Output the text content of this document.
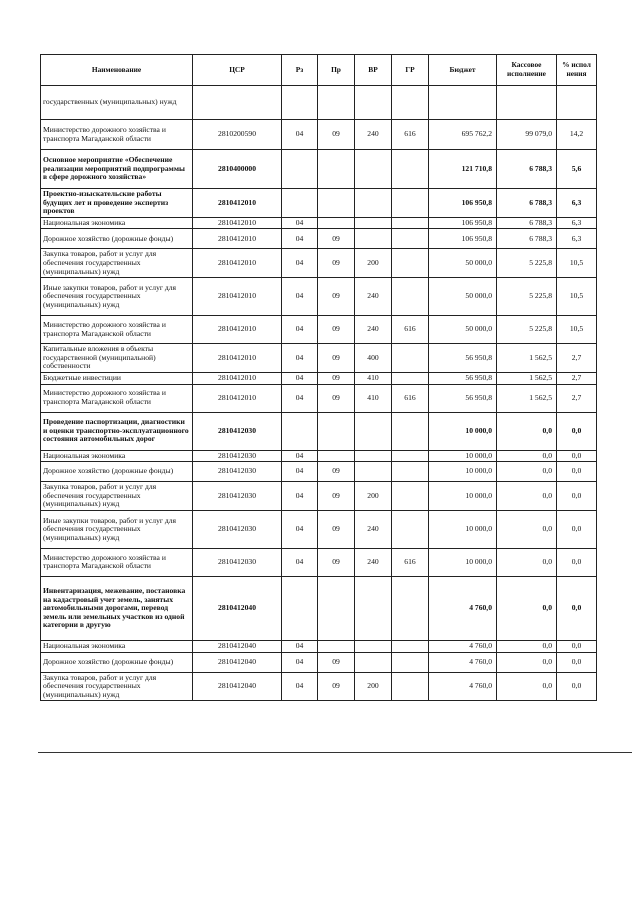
Наименование	ЦСР	Рз	Пр	ВР	ГР	Бюджет	Кассовое исполнение	% испол нения
государственных (муниципальных) нужд								
Министерство дорожного хозяйства и транспорта Магаданской области	2810200590	04	09	240	616	695 762,2	99 079,0	14,2
Основное мероприятие «Обеспечение реализации мероприятий подпрограммы в сфере дорожного хозяйства»	2810400000					121 710,8	6 788,3	5,6
Проектно-изыскательские работы будущих лет и проведение экспертиз проектов	2810412010					106 950,8	6 788,3	6,3
Национальная экономика	2810412010	04				106 950,8	6 788,3	6,3
Дорожное хозяйство (дорожные фонды)	2810412010	04	09			106 950,8	6 788,3	6,3
Закупка товаров, работ и услуг для обеспечения государственных (муниципальных) нужд	2810412010	04	09	200		50 000,0	5 225,8	10,5
Иные закупки товаров, работ и услуг для обеспечения государственных (муниципальных) нужд	2810412010	04	09	240		50 000,0	5 225,8	10,5
Министерство дорожного хозяйства и транспорта Магаданской области	2810412010	04	09	240	616	50 000,0	5 225,8	10,5
Капитальные вложения в объекты государственной (муниципальной) собственности	2810412010	04	09	400		56 950,8	1 562,5	2,7
Бюджетные инвестиции	2810412010	04	09	410		56 950,8	1 562,5	2,7
Министерство дорожного хозяйства и транспорта Магаданской области	2810412010	04	09	410	616	56 950,8	1 562,5	2,7
Проведение паспортизации, диагностики и оценки транспортно-эксплуатационного состояния автомобильных дорог	2810412030					10 000,0	0,0	0,0
Национальная экономика	2810412030	04				10 000,0	0,0	0,0
Дорожное хозяйство (дорожные фонды)	2810412030	04	09			10 000,0	0,0	0,0
Закупка товаров, работ и услуг для обеспечения государственных (муниципальных) нужд	2810412030	04	09	200		10 000,0	0,0	0,0
Иные закупки товаров, работ и услуг для обеспечения государственных (муниципальных) нужд	2810412030	04	09	240		10 000,0	0,0	0,0
Министерство дорожного хозяйства и транспорта Магаданской области	2810412030	04	09	240	616	10 000,0	0,0	0,0
Инвентаризация, межевание, постановка на кадастровый учет земель, занятых автомобильными дорогами, перевод земель или земельных участков из одной категории в другую	2810412040					4 760,0	0,0	0,0
Национальная экономика	2810412040	04				4 760,0	0,0	0,0
Дорожное хозяйство (дорожные фонды)	2810412040	04	09			4 760,0	0,0	0,0
Закупка товаров, работ и услуг для обеспечения государственных (муниципальных) нужд	2810412040	04	09	200		4 760,0	0,0	0,0
